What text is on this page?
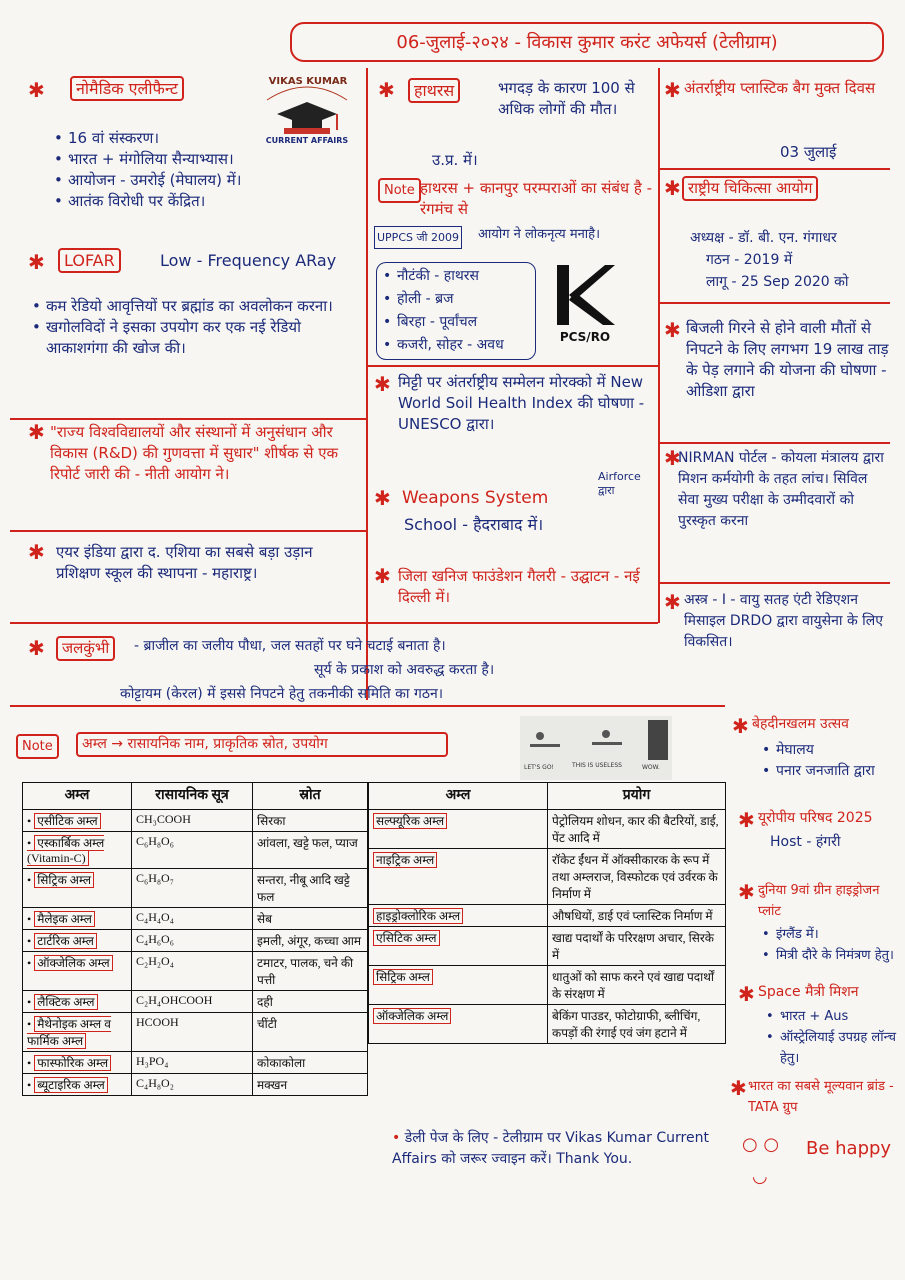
06-जुलाई-२०२४ - विकास कुमार करंट अफेयर्स (टेलीग्राम)
VIKAS KUMAR
CURRENT AFFAIRS
✱	नोमैडिक एलीफैन्ट
• 16 वां संस्करण।
• भारत + मंगोलिया सैन्याभ्यास।
• आयोजन - उमरोई (मेघालय) में।
• आतंक विरोधी पर केंद्रित।
✱	LOFAR	Low - Frequency ARay
• कम रेडियो आवृत्तियों पर ब्रह्मांड का अवलोकन करना।
• खगोलविदों ने इसका उपयोग कर एक नई रेडियो आकाशगंगा की खोज की।
✱ "राज्य विश्वविद्यालयों और संस्थानों में अनुसंधान और विकास (R&D) की गुणवत्ता में सुधार" शीर्षक से एक रिपोर्ट जारी की - नीती आयोग ने।
✱ एयर इंडिया द्वारा द. एशिया का सबसे बड़ा उड़ान प्रशिक्षण स्कूल की स्थापना - महाराष्ट्र।
✱	हाथरस	भगदड़ के कारण 100 से अधिक लोगों की मौत।
उ.प्र. में।
Note हाथरस + कानपुर परम्पराओं का संबंध है - रंगमंच से
UPPCS जी 2009 आयोग ने लोकनृत्य मनाहै।
• नौटंकी - हाथरस
• होली - ब्रज
• बिरहा - पूर्वांचल
• कजरी, सोहर - अवध	PCS/RO
✱ मिट्टी पर अंतर्राष्ट्रीय सम्मेलन मोरक्को में New World Soil Health Index की घोषणा - UNESCO द्वारा।
✱ Weapons System
Airforce द्वारा
School - हैदराबाद में।
✱ जिला खनिज फाउंडेशन गैलरी - उद्घाटन - नई दिल्ली में।
✱ अंतर्राष्ट्रीय प्लास्टिक बैग मुक्त दिवस
03 जुलाई
✱ राष्ट्रीय चिकित्सा आयोग
अध्यक्ष - डॉ. बी. एन. गंगाधर
गठन - 2019 में
लागू - 25 Sep 2020 को
✱ बिजली गिरने से होने वाली मौतों से निपटने के लिए लगभग 19 लाख ताड़ के पेड़ लगाने की योजना की घोषणा - ओडिशा द्वारा
✱
NIRMAN पोर्टल - कोयला मंत्रालय द्वारा मिशन कर्मयोगी के तहत लांच। सिविल सेवा मुख्य परीक्षा के उम्मीदवारों को पुरस्कृत करना
✱ अस्त्र - I - वायु सतह एंटी रेडिएशन मिसाइल DRDO द्वारा वायुसेना के लिए विकसित।
✱	जलकुंभी	- ब्राजील का जलीय पौधा, जल सतहों पर घने चटाई बनाता है।
सूर्य के प्रकाश को अवरुद्ध करता है।
कोट्टायम (केरल) में इससे निपटने हेतु तकनीकी समिति का गठन।
Note	अम्ल → रासायनिक नाम, प्राकृतिक स्रोत, उपयोग
LET'S GO!	THIS IS USELESS	WOW.
अम्ल	रासायनिक सूत्र	स्रोत
• एसीटिक अम्ल	CH₃COOH	सिरका
• एस्कार्बिक अम्ल (Vitamin-C)	C₆H₈O₆	आंवला, खट्टे फल, प्याज
• सिट्रिक अम्ल	C₆H₈O₇	सन्तरा, नीबू आदि खट्टे फल
• मैलेइक अम्ल	C₄H₄O₄	सेब
• टार्टरिक अम्ल	C₄H₆O₆	इमली, अंगूर, कच्चा आम
• ऑक्जेलिक अम्ल	C₂H₂O₄	टमाटर, पालक, चने की पत्ती
• लैक्टिक अम्ल	C₂H₄OHCOOH	दही
• मैथेनोइक अम्ल व फार्मिक अम्ल	HCOOH	चींटी
• फास्फोरिक अम्ल	H₃PO₄	कोकाकोला
• ब्यूटाइरिक अम्ल	C₄H₈O₂	मक्खन
अम्ल	प्रयोग
सल्फ्यूरिक अम्ल	पेट्रोलियम शोधन, कार की बैटरियों, डाई, पेंट आदि में
नाइट्रिक अम्ल	रॉकेट ईंधन में ऑक्सीकारक के रूप में तथा अम्लराज, विस्फोटक एवं उर्वरक के निर्माण में
हाइड्रोक्लोरिक अम्ल	औषधियों, डाई एवं प्लास्टिक निर्माण में
एसिटिक अम्ल	खाद्य पदार्थों के परिरक्षण अचार, सिरके में
सिट्रिक अम्ल	धातुओं को साफ करने एवं खाद्य पदार्थों के संरक्षण में
ऑक्जेलिक अम्ल	बेकिंग पाउडर, फोटोग्राफी, ब्लीचिंग, कपड़ों की रंगाई एवं जंग हटाने में
• डेली पेज के लिए - टेलीग्राम पर Vikas Kumar Current Affairs को जरूर ज्वाइन करें। Thank You.
○ ○ Be happy
◡
✱ बेहदीनखलम उत्सव
• मेघालय
• पनार जनजाति द्वारा
✱ यूरोपीय परिषद 2025
Host - हंगरी
✱ दुनिया 9वां ग्रीन हाइड्रोजन प्लांट
• इंग्लैंड में।
• मित्री दौरे के निमंत्रण हेतु।
✱ Space मैत्री मिशन
• भारत + Aus
• ऑस्ट्रेलियाई उपग्रह लॉन्च हेतु।
✱ भारत का सबसे मूल्यवान ब्रांड - TATA ग्रुप
